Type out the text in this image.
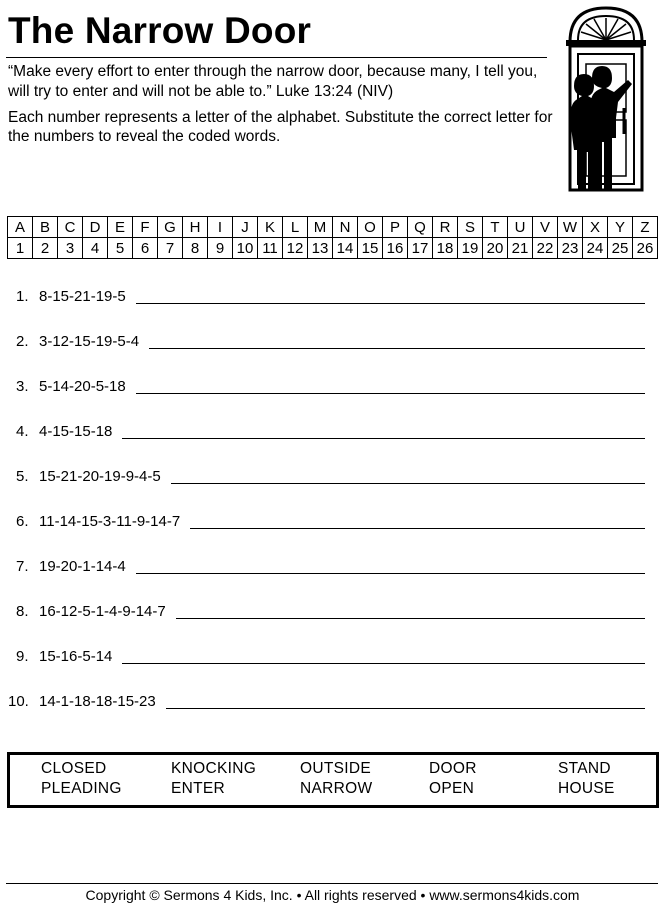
The Narrow Door
“Make every effort to enter through the narrow door, because many, I tell you, will try to enter and will not be able to.” Luke 13:24 (NIV)
Each number represents a letter of the alphabet. Substitute the correct letter for the numbers to reveal the coded words.
A	B	C	D	E	F	G	H	I	J	K	L	M	N	O	P	Q	R	S	T	U	V	W	X	Y	Z
1	2	3	4	5	6	7	8	9	10	11	12	13	14	15	16	17	18	19	20	21	22	23	24	25	26
1. 8-15-21-19-5
2. 3-12-15-19-5-4
3. 5-14-20-5-18
4. 4-15-15-18
5. 15-21-20-19-9-4-5
6. 11-14-15-3-11-9-14-7
7. 19-20-1-14-4
8. 16-12-5-1-4-9-14-7
9. 15-16-5-14
10. 14-1-18-18-15-23
CLOSED
PLEADING
KNOCKING
ENTER
OUTSIDE
NARROW
DOOR
OPEN
STAND
HOUSE
Copyright © Sermons 4 Kids, Inc. • All rights reserved • www.sermons4kids.com
